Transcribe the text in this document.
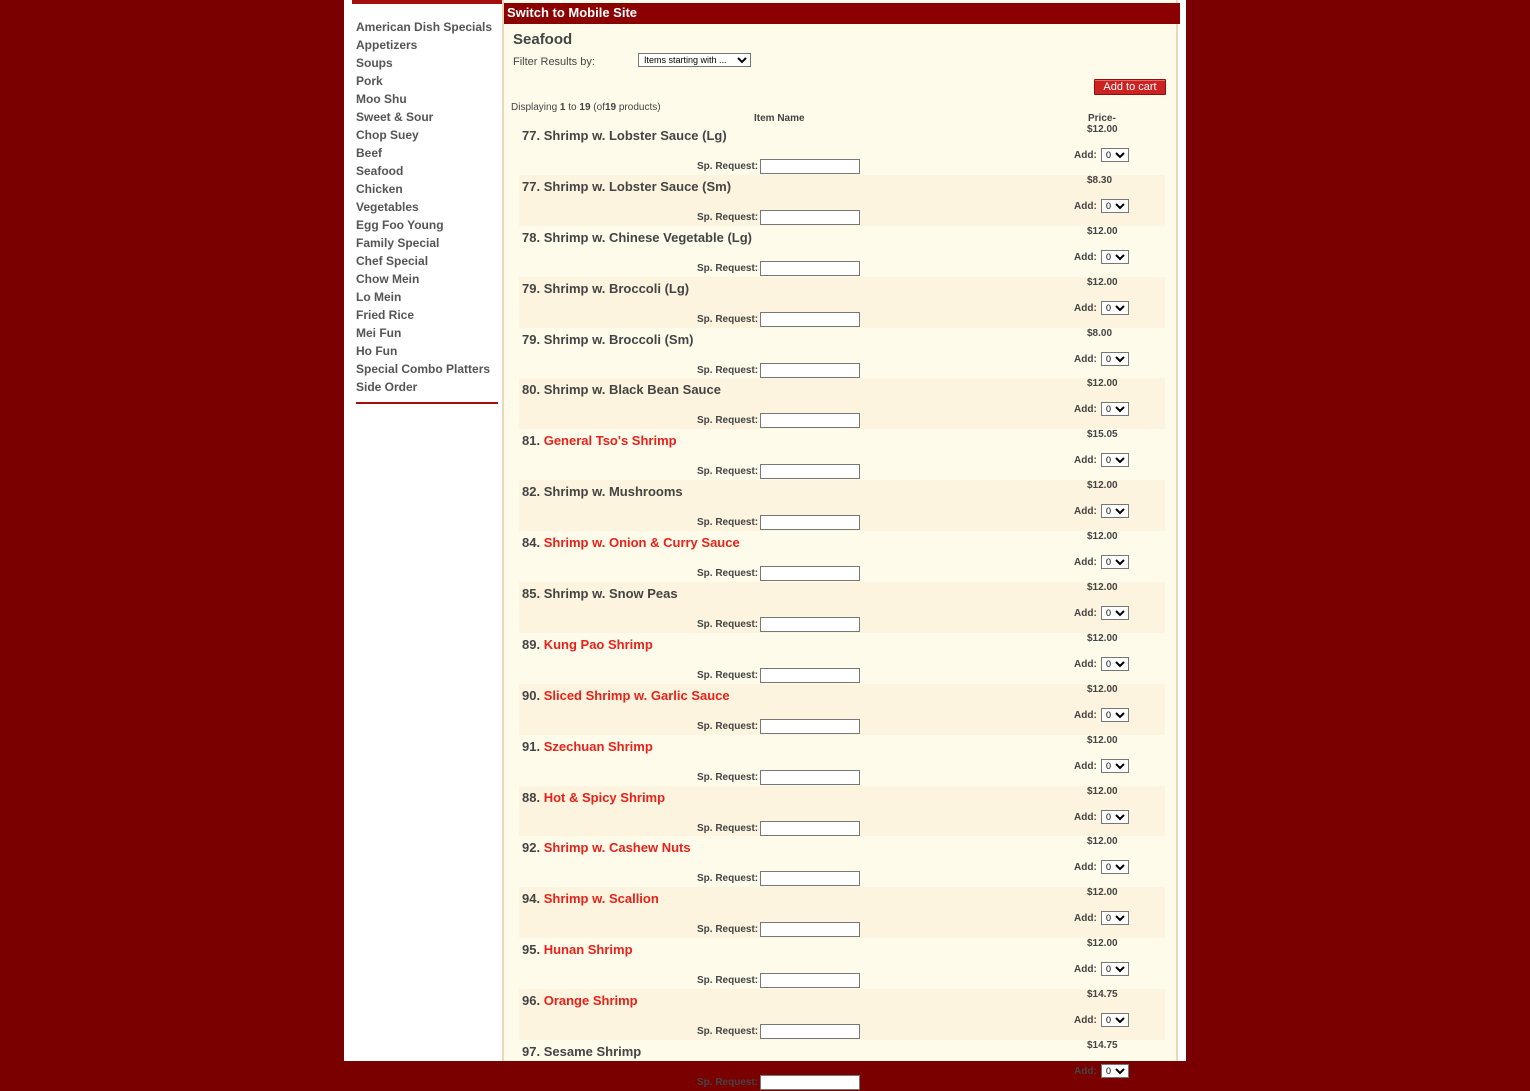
American Dish Specials
Appetizers
Soups
Pork
Moo Shu
Sweet & Sour
Chop Suey
Beef
Seafood
Chicken
Vegetables
Egg Foo Young
Family Special
Chef Special
Chow Mein
Lo Mein
Fried Rice
Mei Fun
Ho Fun
Special Combo Platters
Side Order
Switch to Mobile Site
Seafood
Filter Results by:
Items starting with ...
Add to cart
Displaying 1 to 19 (of19 products)
Item Name	Price-
77. Shrimp w. Lobster Sauce (Lg)	$12.00
Add:
0
Sp. Request:
77. Shrimp w. Lobster Sauce (Sm)	$8.30
Add:
0
Sp. Request:
78. Shrimp w. Chinese Vegetable (Lg)	$12.00
Add:
0
Sp. Request:
79. Shrimp w. Broccoli (Lg)	$12.00
Add:
0
Sp. Request:
79. Shrimp w. Broccoli (Sm)	$8.00
Add:
0
Sp. Request:
80. Shrimp w. Black Bean Sauce	$12.00
Add:
0
Sp. Request:
81. General Tso's Shrimp	$15.05
Add:
0
Sp. Request:
82. Shrimp w. Mushrooms	$12.00
Add:
0
Sp. Request:
84. Shrimp w. Onion & Curry Sauce	$12.00
Add:
0
Sp. Request:
85. Shrimp w. Snow Peas	$12.00
Add:
0
Sp. Request:
89. Kung Pao Shrimp	$12.00
Add:
0
Sp. Request:
90. Sliced Shrimp w. Garlic Sauce	$12.00
Add:
0
Sp. Request:
91. Szechuan Shrimp	$12.00
Add:
0
Sp. Request:
88. Hot & Spicy Shrimp	$12.00
Add:
0
Sp. Request:
92. Shrimp w. Cashew Nuts	$12.00
Add:
0
Sp. Request:
94. Shrimp w. Scallion	$12.00
Add:
0
Sp. Request:
95. Hunan Shrimp	$12.00
Add:
0
Sp. Request:
96. Orange Shrimp	$14.75
Add:
0
Sp. Request:
97. Sesame Shrimp	$14.75
Add:
0
Sp. Request:
